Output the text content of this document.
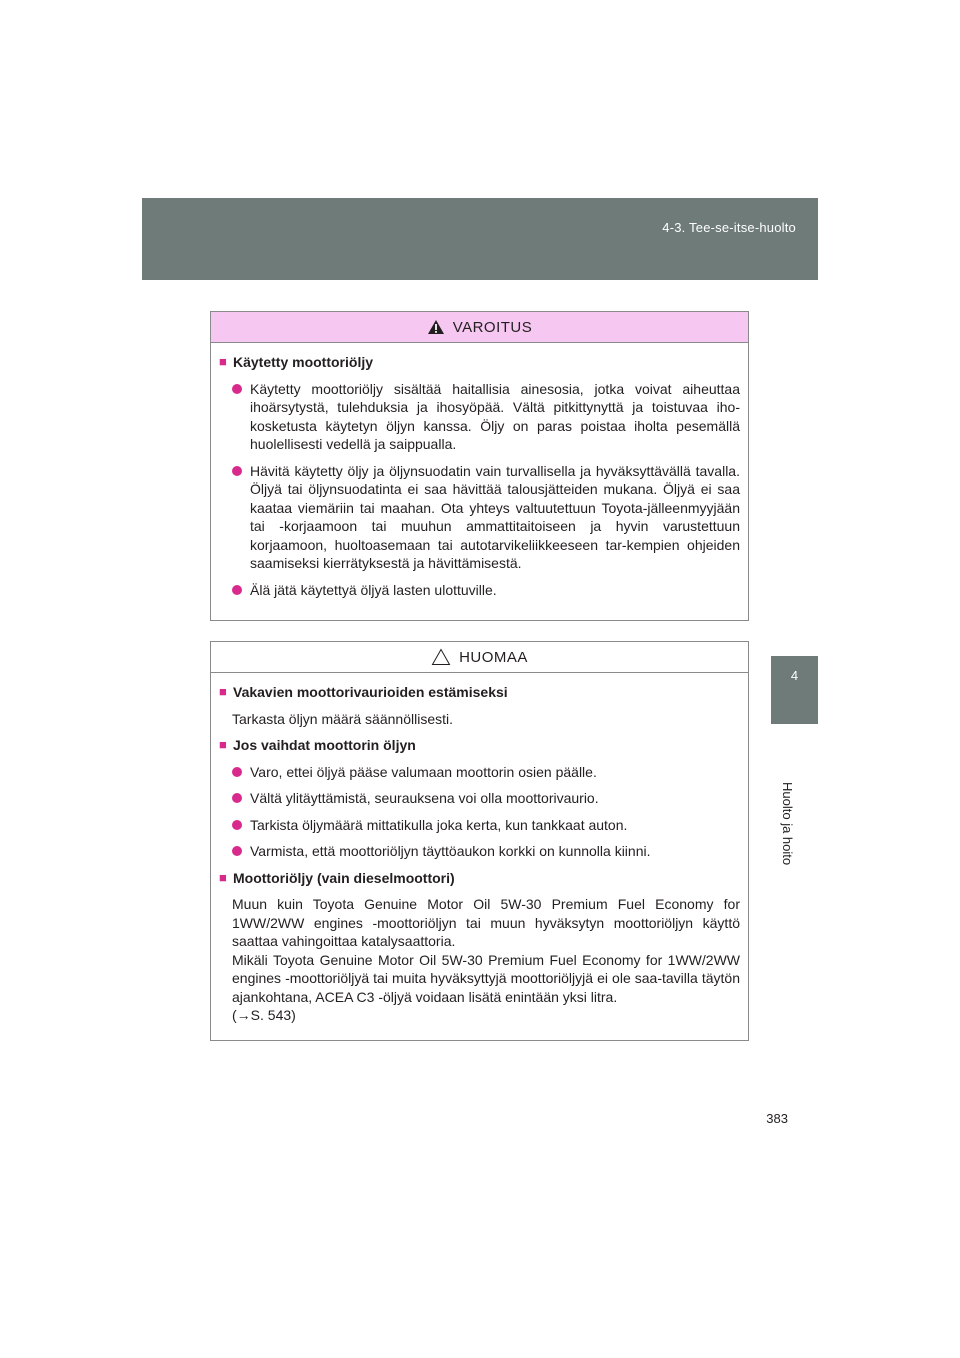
4-3. Tee-se-itse-huolto
4
Huolto ja hoito
VAROITUS
■ Käytetty moottoriöljy
Käytetty moottoriöljy sisältää haitallisia ainesosia, jotka voivat aiheuttaa ihoärsytystä, tulehduksia ja ihosyöpää. Vältä pitkittynyttä ja toistuvaa iho-kosketusta käytetyn öljyn kanssa. Öljy on paras poistaa iholta pesemällä huolellisesti vedellä ja saippualla.
Hävitä käytetty öljy ja öljynsuodatin vain turvallisella ja hyväksyttävällä tavalla. Öljyä tai öljynsuodatinta ei saa hävittää talousjätteiden mukana. Öljyä ei saa kaataa viemäriin tai maahan. Ota yhteys valtuutettuun Toyota-jälleenmyyjään tai -korjaamoon tai muuhun ammattitaitoiseen ja hyvin varustettuun korjaamoon, huoltoasemaan tai autotarvikeliikkeeseen tar-kempien ohjeiden saamiseksi kierrätyksestä ja hävittämisestä.
Älä jätä käytettyä öljyä lasten ulottuville.
HUOMAA
■ Vakavien moottorivaurioiden estämiseksi
Tarkasta öljyn määrä säännöllisesti.
■ Jos vaihdat moottorin öljyn
Varo, ettei öljyä pääse valumaan moottorin osien päälle.
Vältä ylitäyttämistä, seurauksena voi olla moottorivaurio.
Tarkista öljymäärä mittatikulla joka kerta, kun tankkaat auton.
Varmista, että moottoriöljyn täyttöaukon korkki on kunnolla kiinni.
■ Moottoriöljy (vain dieselmoottori)
Muun kuin Toyota Genuine Motor Oil 5W-30 Premium Fuel Economy for 1WW/2WW engines -moottoriöljyn tai muun hyväksytyn moottoriöljyn käyttö saattaa vahingoittaa katalysaattoria.
Mikäli Toyota Genuine Motor Oil 5W-30 Premium Fuel Economy for 1WW/2WW engines -moottoriöljyä tai muita hyväksyttyjä moottoriöljyjä ei ole saa-tavilla täytön ajankohtana, ACEA C3 -öljyä voidaan lisätä enintään yksi litra.
(→S. 543)
383
